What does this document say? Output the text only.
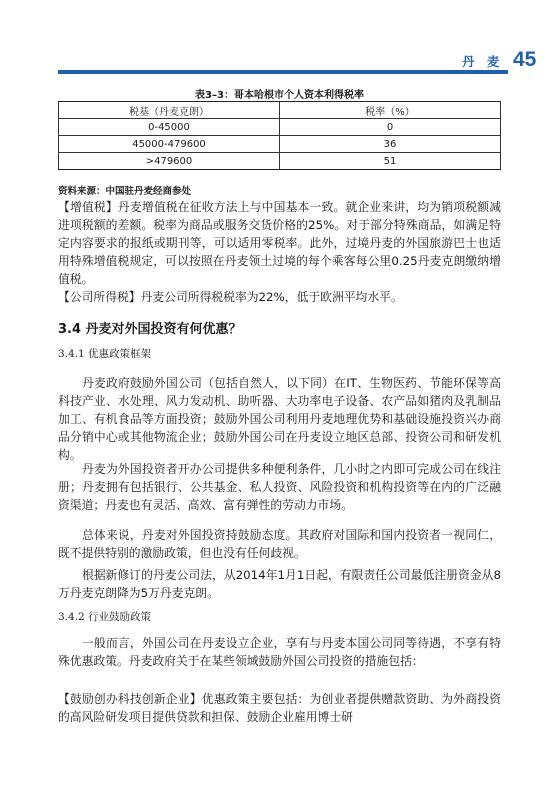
丹 麦 45
表3–3：哥本哈根市个人资本利得税率
税基（丹麦克朗）	税率（%）
0-45000	0
45000-479600	36
>479600	51
资料来源：中国驻丹麦经商参处

【增值税】丹麦增值税在征收方法上与中国基本一致。就企业来讲，均为销项税额减进项税额的差额。税率为商品或服务交货价格的25%。对于部分特殊商品，如满足特定内容要求的报纸或期刊等，可以适用零税率。此外，过境丹麦的外国旅游巴士也适用特殊增值税规定，可以按照在丹麦领土过境的每个乘客每公里0.25丹麦克朗缴纳增值税。

【公司所得税】丹麦公司所得税税率为22%，低于欧洲平均水平。

3.4 丹麦对外国投资有何优惠？
3.4.1 优惠政策框架

丹麦政府鼓励外国公司（包括自然人，以下同）在IT、生物医药、节能环保等高科技产业、水处理、风力发动机、助听器、大功率电子设备、农产品如猪肉及乳制品加工、有机食品等方面投资；鼓励外国公司利用丹麦地理优势和基础设施投资兴办商品分销中心或其他物流企业；鼓励外国公司在丹麦设立地区总部、投资公司和研发机构。

丹麦为外国投资者开办公司提供多种便利条件，几小时之内即可完成公司在线注册；丹麦拥有包括银行、公共基金、私人投资、风险投资和机构投资等在内的广泛融资渠道；丹麦也有灵活、高效、富有弹性的劳动力市场。

总体来说，丹麦对外国投资持鼓励态度。其政府对国际和国内投资者一视同仁，既不提供特别的激励政策，但也没有任何歧视。

根据新修订的丹麦公司法，从2014年1月1日起，有限责任公司最低注册资金从8万丹麦克朗降为5万丹麦克朗。

3.4.2 行业鼓励政策

一般而言，外国公司在丹麦设立企业，享有与丹麦本国公司同等待遇，不享有特殊优惠政策。丹麦政府关于在某些领域鼓励外国公司投资的措施包括：

【鼓励创办科技创新企业】优惠政策主要包括：为创业者提供赠款资助、为外商投资的高风险研发项目提供贷款和担保、鼓励企业雇用博士研
